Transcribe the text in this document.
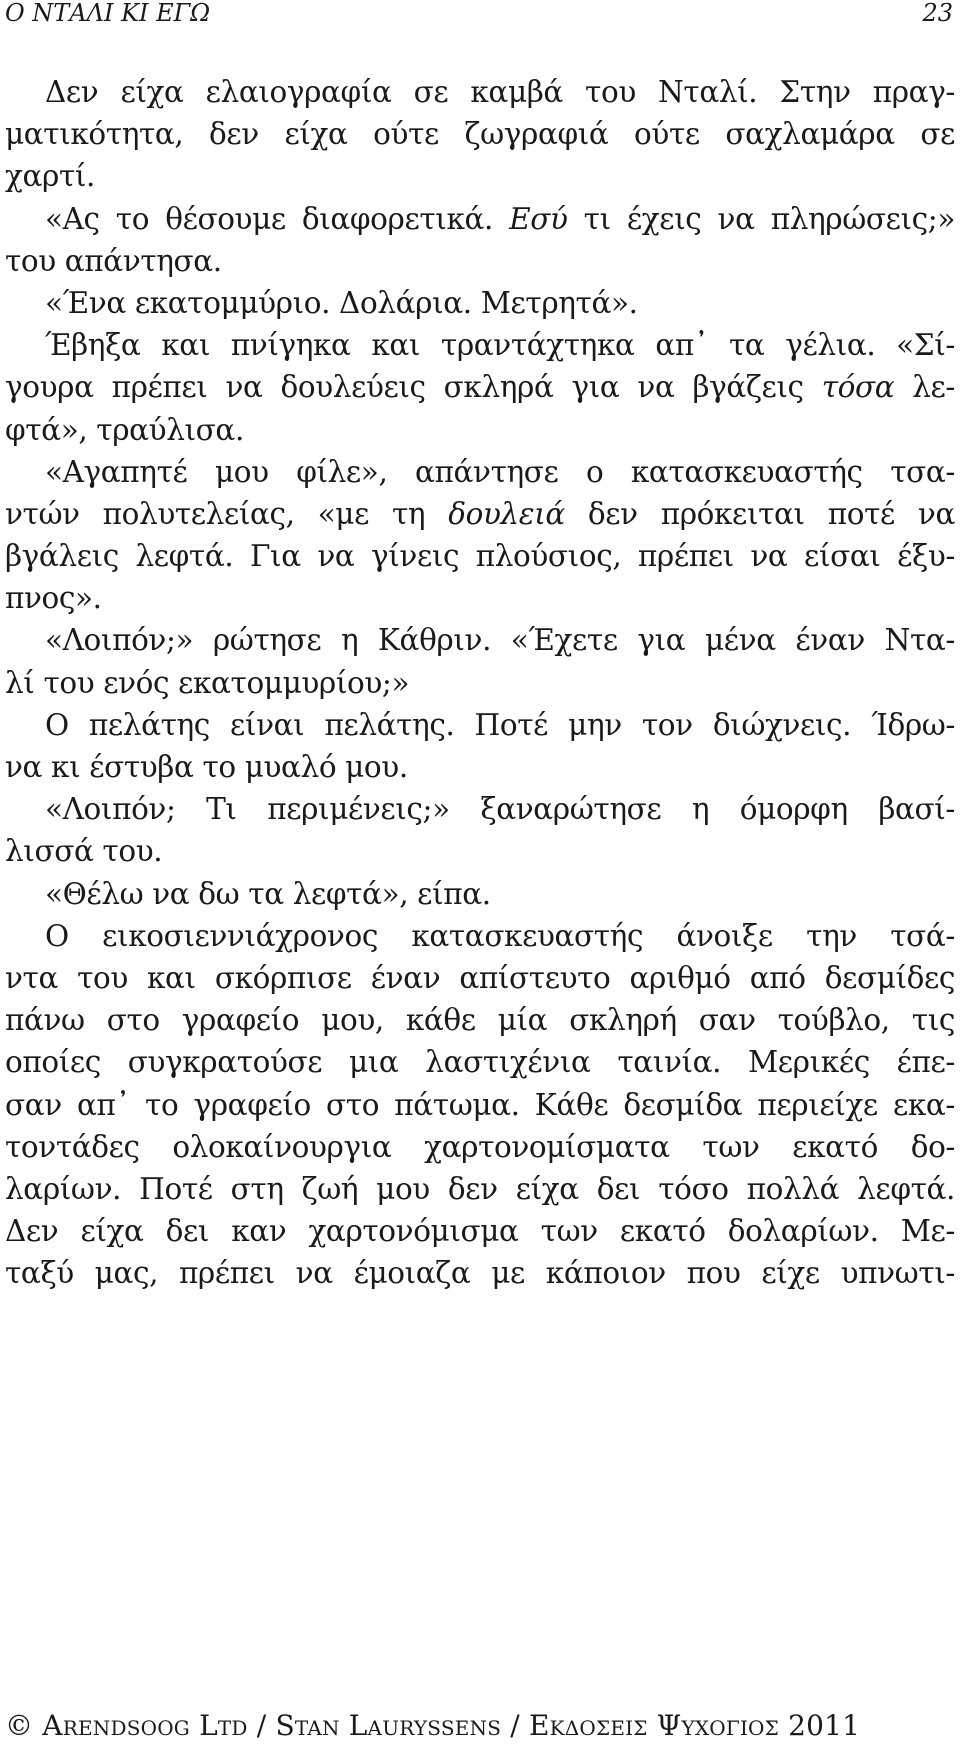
Ο ΝΤΑΛΙ ΚΙ ΕΓΩ	23
Δεν είχα ελαιογραφία σε καμβά του Νταλί. Στην πραγ-
ματικότητα, δεν είχα ούτε ζωγραφιά ούτε σαχλαμάρα σε
χαρτί.
«Ας το θέσουμε διαφορετικά. Εσύ τι έχεις να πληρώσεις;»
του απάντησα.
«Ένα εκατομμύριο. Δολάρια. Μετρητά».
Έβηξα και πνίγηκα και τραντάχτηκα απ᾽ τα γέλια. «Σί-
γουρα πρέπει να δουλεύεις σκληρά για να βγάζεις τόσα λε-
φτά», τραύλισα.
«Αγαπητέ μου φίλε», απάντησε ο κατασκευαστής τσα-
ντών πολυτελείας, «με τη δουλειά δεν πρόκειται ποτέ να
βγάλεις λεφτά. Για να γίνεις πλούσιος, πρέπει να είσαι έξυ-
πνος».
«Λοιπόν;» ρώτησε η Κάθριν. «Έχετε για μένα έναν Ντα-
λί του ενός εκατομμυρίου;»
Ο πελάτης είναι πελάτης. Ποτέ μην τον διώχνεις. Ίδρω-
να κι έστυβα το μυαλό μου.
«Λοιπόν; Τι περιμένεις;» ξαναρώτησε η όμορφη βασί-
λισσά του.
«Θέλω να δω τα λεφτά», είπα.
Ο εικοσιεννιάχρονος κατασκευαστής άνοιξε την τσά-
ντα του και σκόρπισε έναν απίστευτο αριθμό από δεσμίδες
πάνω στο γραφείο μου, κάθε μία σκληρή σαν τούβλο, τις
οποίες συγκρατούσε μια λαστιχένια ταινία. Μερικές έπε-
σαν απ᾽ το γραφείο στο πάτωμα. Κάθε δεσμίδα περιείχε εκα-
τοντάδες ολοκαίνουργια χαρτονομίσματα των εκατό δο-
λαρίων. Ποτέ στη ζωή μου δεν είχα δει τόσο πολλά λεφτά.
Δεν είχα δει καν χαρτονόμισμα των εκατό δολαρίων. Με-
ταξύ μας, πρέπει να έμοιαζα με κάποιον που είχε υπνωτι-
© Arendsoog Ltd / Stan Lauryssens / Εκδοσεισ Ψυχογιοσ 2011
